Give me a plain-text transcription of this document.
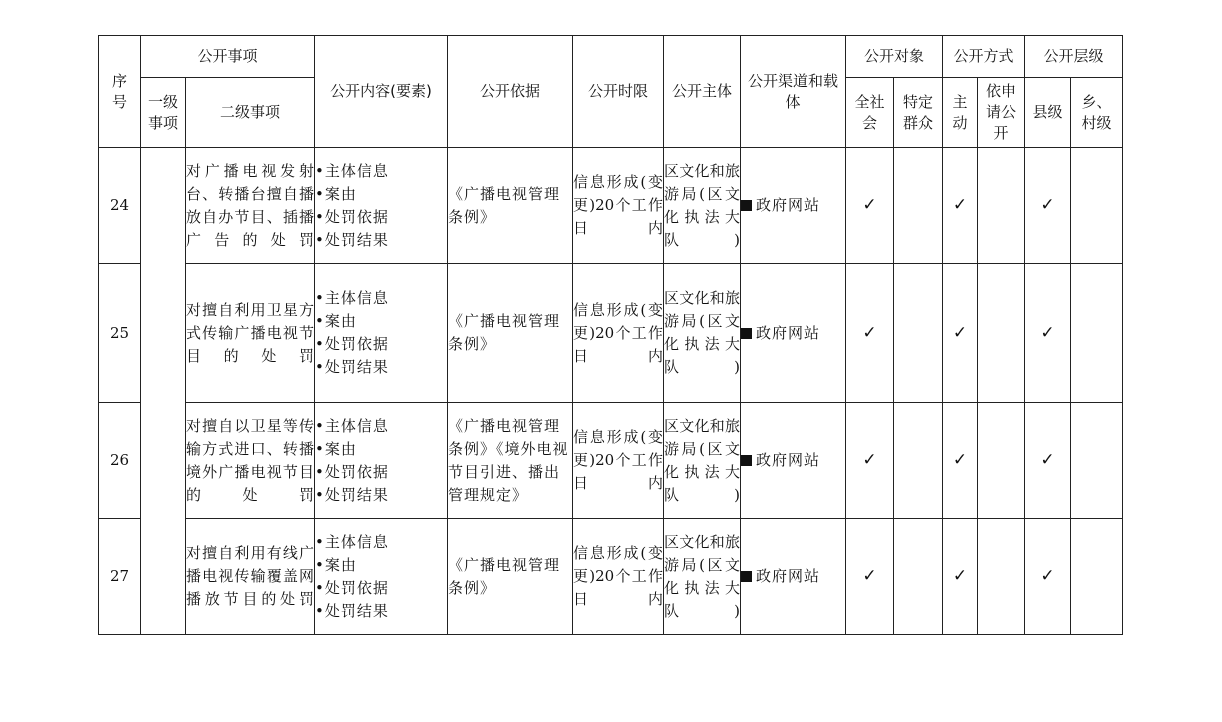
序号	公开事项		公开内容(要素)	公开依据	公开时限	公开主体	公开渠道和载体	公开对象		公开方式		公开层级	
	一级事项	二级事项						全社会	特定群众	主动	依申请公开	县级	乡、村级
24		对广播电视发射台、转播台擅自播放自办节目、插播广告的处罚	• 主体信息
• 案由
• 处罚依据
• 处罚结果	《广播电视管理条例》	信息形成(变更)20个工作日内	区文化和旅游局(区文化执法大队)	政府网站	✓		✓		✓	
25		对擅自利用卫星方式传输广播电视节目的处罚	• 主体信息
• 案由
• 处罚依据
• 处罚结果	《广播电视管理条例》	信息形成(变更)20个工作日内	区文化和旅游局(区文化执法大队)	政府网站	✓		✓		✓	
26		对擅自以卫星等传输方式进口、转播境外广播电视节目的处罚	• 主体信息
• 案由
• 处罚依据
• 处罚结果	《广播电视管理条例》《境外电视节目引进、播出管理规定》	信息形成(变更)20个工作日内	区文化和旅游局(区文化执法大队)	政府网站	✓		✓		✓	
27		对擅自利用有线广播电视传输覆盖网播放节目的处罚	• 主体信息
• 案由
• 处罚依据
• 处罚结果	《广播电视管理条例》	信息形成(变更)20个工作日内	区文化和旅游局(区文化执法大队)	政府网站	✓		✓		✓	
